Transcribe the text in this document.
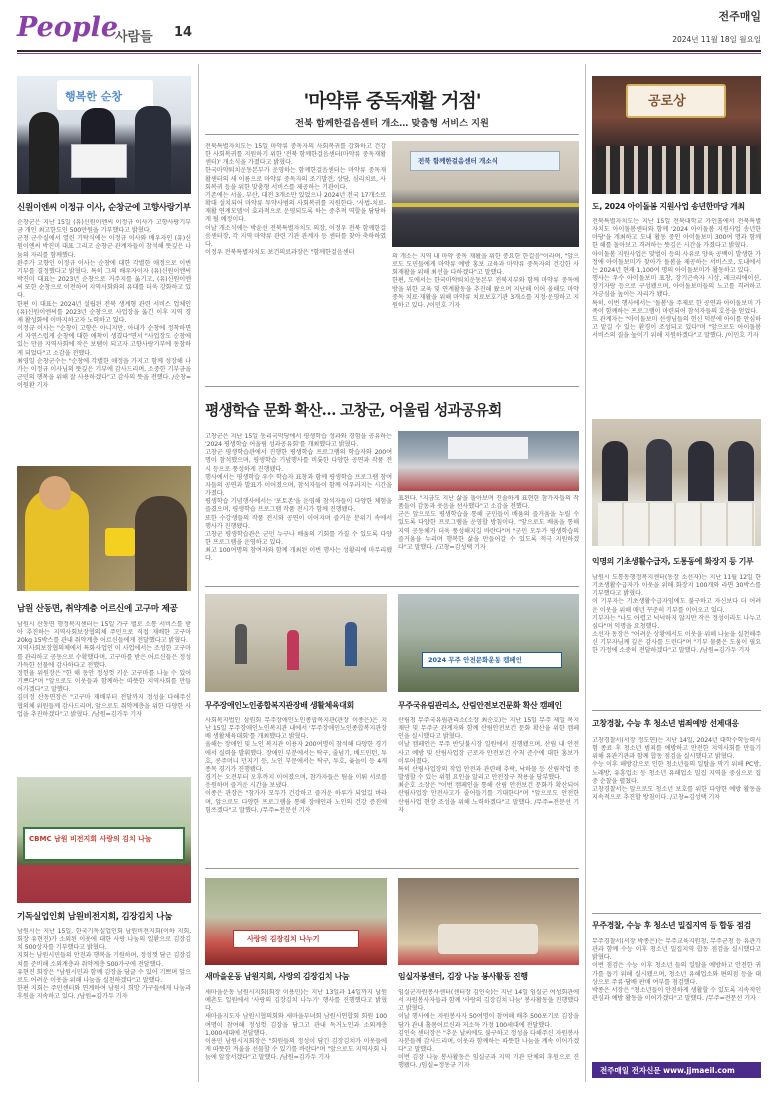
People
사람들 14
전주매일
2024년 11월 18일 월요일
행복한 순창
신원이엔씨 이정규 이사, 순창군에 고향사랑기부
순창군은 지난 15일 (유)신원이엔씨 이정규 이사가 고향사랑기부금 개인 최고한도인 500만원을 기부했다고 밝혔다.
군청 군수실에서 열린 기탁식에는 이정규 이사와 배우자인 (유)신원이엔씨 박진미 대표 그리고 순창군 관계자들이 참석해 뜻깊은 나눔의 자리를 함께했다.
완주가 고향인 이정규 이사는 순창에 대한 각별한 애정으로 이번 기부를 결정했다고 밝혔다. 특히 그의 배우자이자 (유)신원이엔씨 박진미 대표는 2023년 순창으로 거주지를 옮기고, (유)신원이엔씨 또한 순창으로 이전하여 지역사회와의 유대를 더욱 강화하고 있다.
한편 이 대표는 2024년 설립된 전북 생계형 관련 서비스 업체인 (유)신원이엔씨를 2023년 순창으로 사업장을 옮긴 이후 지역 경제 활성화에 이바지하고자 노력하고 있다.
이정규 이사는 "순창이 고향은 아니지만, 아내가 순창에 정착하면서 자연스럽게 순창에 대한 애착이 생겼다"면서 "사업장도 순창에 있는 만큼 지역사회에 작은 보탬이 되고자 고향사랑기부에 동참하게 되었다"고 소감을 전했다.
최영일 순창군수는 "순창에 각별한 애정을 가지고 함께 성장해 나가는 이정규 이사님의 뜻깊은 기부에 감사드리며, 소중한 기부금을 군민의 행복을 위해 잘 사용하겠다"고 감사의 뜻을 전했다. /순창=이원환 기자
남원 산동면, 취약계층 어르신에 고구마 제공
남원시 산동면 행정복지센터는 15일 가구 별로 소통 서비스를 받아 추진하는 지역사회보장협의체 주민으로 직접 재배한 고구마 20kg 15박스를 관내 취약계층 어르신들에게 전달했다고 밝혔다.
지역사회보장협의체에서 특화사업인 이 사업에서는 조성한 고구마를 관리하고 공동으로 수확했다며, 고구마를 받은 어르신들은 정성 가득한 선물에 감사하다고 전했다.
정헌율 위원장은 "한 해 동안 정성껏 키운 고구마를 나눌 수 있어 기쁘다"며 "앞으로도 이웃들과 함께하는 따뜻한 지역사회를 만들어가겠다"고 말했다.
김미정 산동면장은 "고구마 재배부터 전달까지 정성을 다해주신 협의체 위원들께 감사드리며, 앞으로도 취약계층을 위한 다양한 사업을 추진하겠다"고 밝혔다. /남원=김가두 기자
CBMC 남원 비전지회 사랑의 김치 나눔
기독실업인회 남원비전지회, 김장김치 나눔
남원시는 지난 15일, 한국기독실업인회 남원비전지회(이하 지회, 회장 유현진)가 소외된 이웃에 대한 사랑 나눔의 일환으로 김장김치 500상자를 기부했다고 밝혔다.
지회는 남원시민들의 안전과 행복을 기원하며, 정성껏 담근 김장김치를 준비해 소외계층과 취약계층 500가구에 전달했다.
유현진 회장은 "남원시민과 함께 김장을 담글 수 있어 기쁘며 앞으로도 어려운 이웃을 위해 나눔을 실천하겠다"고 말했다.
한편 지회는 주민센터와 연계하여 남원시 희망 가구들에게 나눔과 후원을 지속하고 있다. /남원=김가두 기자
'마약류 중독재활 거점'
전북 함께한걸음센터 개소… 맞춤형 서비스 지원
전북특별자치도는 15일 마약류 중독자의 사회복귀를 강화하고 건강한 사회복귀를 지원하기 위한 '전북 함께한걸음센터(마약류 중독재활센터)' 개소식을 가졌다고 밝혔다.
한국마약퇴치운동본부가 운영하는 함께한걸음센터는 마약류 중독재활센터의 새 이름으로 마약류 중독자의 조기발견, 상담, 심리치료, 사회복귀 등을 위한 맞춤형 서비스를 제공하는 기관이다.
기존에는 서울, 부산, 대전 3개소만 있었으나 2024년 전국 17개소로 확대 설치되어 마약류 투약사범의 사회복귀를 지원한다. '사법-치료-재활 연계모델'이 효과적으로 운영되도록 하는 중추적 역할을 담당하게 될 예정이다.
이날 개소식에는 박윤선 전북특별자치도 의장, 이정우 전북 함께한걸음센터장, 각 지역 마약류 관련 기관 관계자 등 센터를 찾아 축하하였다.
이정우 전북특별자치도 보건의료과장은 "함께한걸음센터
전북 함께한걸음센터 개소식
의 개소는 지역 내 마약 중독 재활을 위한 중요한 한걸음"이라며, "앞으로도 도민들에게 마약류 예방 홍보 교육과 마약류 중독자의 건강한 사회재활을 위해 최선을 다하겠다"고 말했다.
한편, 도에서는 한국마약퇴치운동본부 전북지부와 함께 마약류 중독예방을 위한 교육 및 연계활동을 추진해 왔으며 지난해 이어 올해도 마약 중독 치료·재활을 위해 마약류 치료보호기관 3개소를 지정·운영하고 지원하고 있다. /이민호 기자
평생학습 문화 확산… 고창군, 어울림 성과공유회
고창군은 지난 15일 동리국악당에서 평생학습 성과와 경험을 공유하는 '2024 평생학습 어울림 성과공유회'를 개최했다고 밝혔다.
고창군 평생학습관에서 진행한 평생학습 프로그램의 학습자와 200여명이 참석했으며, 평생학습 기념행사를 비롯한 다양한 공연과 작품 전시 등으로 풍성하게 진행됐다.
행사에서는 평생학습 우수 학습자 표창과 함께 평생학습 프로그램 참여자들의 공연과 발표가 이어졌으며, 참석자들이 함께 어우러지는 시간을 가졌다.
평생학습 기념행사에서는 '포토존'을 운영해 참석자들이 다양한 체험을 즐겼으며, 평생학습 프로그램 작품 전시가 함께 진행됐다.
또한 수강생들의 작품 전시와 공연이 이어지며 즐거운 분위기 속에서 행사가 진행됐다.
고창군 평생학습관은 군민 누구나 배움의 기회를 가질 수 있도록 다양한 프로그램을 운영하고 있다.
최고 100여명의 참여자와 함께 개최된 이번 행사는 성황리에 마무리됐다.
표된다. "지금도 지난 삶을 돌아보며 진솔하게 표현한 참가자들의 작품들이 감동과 웃음을 선사했다"고 소감을 전했다.
군은 앞으로도 평생학습을 통해 군민들이 배움의 즐거움을 누릴 수 있도록 다양한 프로그램을 운영할 방침이다. "앞으로도 배움을 통해 지역 공동체가 더욱 풍성해지길 바란다"며 "군민 모두가 평생학습의 즐거움을 누리며 행복한 삶을 만들어갈 수 있도록 적극 지원하겠다"고 말했다. /고창=김성택 기자
무주장애인노인종합복지관장배 생활체육대회
사회복지법인 삼원회 무주장애인노인종합복지관(관장 이종은)은 지난 15일 무주장애인노인복지관 내에서 '무주장애인노인종합복지관장배 생활체육대회'를 개최했다고 밝혔다.
올해는 장애인 및 노인 복지관 이용자 200여명이 참석해 다양한 경기에서 실력을 발휘했다. 장애인 부분에서는 탁구, 줄넘기, 배드민턴, 투호, 콩주머니 던지기 등, 노인 부문에서는 탁구, 투호, 윷놀이 등 4개 종목 경기가 진행됐다.
경기는 오전부터 오후까지 이어졌으며, 참가자들은 팀을 이뤄 서로를 응원하며 즐거운 시간을 보냈다.
이종은 관장은 "참가자 모두가 건강하고 즐거운 하루가 되었길 바라며, 앞으로도 다양한 프로그램을 통해 장애인과 노인의 건강 증진에 힘쓰겠다"고 말했다. /무주=전문선 기자
2024 무주 안전문화운동 캠페인
무주국유림관리소, 산림안전보건문화 확산 캠페인
산림청 무주국유림관리소(소장 최순호)는 지난 15일 무주 제일 복지재단 및 무주군 관계자와 함께 산림안전보건 문화 확산을 위한 캠페인을 실시했다고 밝혔다.
이날 캠페인은 무주 반딧불시장 일원에서 진행됐으며, 산림 내 안전사고 예방 및 산림사업장 근로자 안전보건 수칙 준수에 대한 홍보가 이루어졌다.
특히 산림사업장의 작업 안전과 관련해 추락, 낙하물 등 산림작업 중 발생할 수 있는 위험 요인을 알리고 안전장구 착용을 당부했다.
최순호 소장은 "이번 캠페인을 통해 산림 안전보건 문화가 확산되어 산림사업장 안전사고가 줄어들기를 기대한다"며 "앞으로도 안전한 산림사업 현장 조성을 위해 노력하겠다"고 말했다. /무주=전문선 기자
사랑의 김장김치 나누기
새마을운동 남원지회, 사랑의 김장김치 나눔
새마을운동 남원시지회(회장 이용민)는 지난 13일과 14일까지 남원 예촌도 일원에서 '사랑의 김장김치 나누기' 행사를 진행했다고 밝혔다.
새마을지도자 남원시협의회와 새마을부녀회 남원시연합회 회원 100여명이 참여해 정성껏 김장을 담그고 관내 독거노인과 소외계층 1,000세대에 전달했다.
이용민 남원시지회장은 "회원들의 정성이 담긴 김장김치가 이웃들에게 따뜻한 겨울을 선물할 수 있기를 바란다"며 "앞으로도 지역사회 나눔에 앞장서겠다"고 말했다. /남원=김가두 기자
임실자봉센터, 김장 나눔 봉사활동 진행
임실군자원봉사센터(센터장 김인숙)는 지난 14일 임실군 여성회관에서 자원봉사자들과 함께 '사랑의 김장김치 나눔' 봉사활동을 진행했다고 밝혔다.
이날 행사에는 자원봉사자 50여명이 참여해 배추 500포기로 김장을 담가 관내 홀몸어르신과 저소득 가정 100세대에 전달했다.
김인숙 센터장은 "추운 날씨에도 불구하고 정성을 다해주신 자원봉사자분들께 감사드리며, 이웃과 함께하는 따뜻한 나눔을 계속 이어가겠다"고 말했다.
이번 김장 나눔 봉사활동은 임실군과 지역 기관 단체의 후원으로 진행됐다. /임실=정동규 기자
공로상
도, 2024 아이돌봄 지원사업 송년한마당 개최
전북특별자치도는 지난 15일 전북대학교 가인홀에서 전북특별자치도 아이돌봄센터와 함께 '2024 아이돌봄 지원사업 송년한마당'을 개최하고 도내 활동 중인 아이돌보미 300여 명과 함께 한 해를 돌아보고 격려하는 뜻깊은 시간을 가졌다고 밝혔다.
아이돌봄 지원사업은 맞벌이 등의 사유로 양육 공백이 발생한 가정에 아이돌보미가 찾아가 돌봄을 제공하는 서비스로, 도내에서는 2024년 현재 1,100여 명의 아이돌보미가 활동하고 있다.
행사는 우수 아이돌보미 표창, 장기근속자 시상, 레크리에이션, 장기자랑 등으로 구성됐으며, 아이돌보미들의 노고를 격려하고 자긍심을 높이는 자리가 됐다.
특히, 이번 행사에서는 '돌봄'을 주제로 한 공연과 아이돌보미 가족이 함께하는 프로그램이 마련되어 참석자들의 호응을 얻었다.
도 관계자는 "아이돌보미 선생님들의 헌신 덕분에 아이를 안심하고 맡길 수 있는 환경이 조성되고 있다"며 "앞으로도 아이돌봄 서비스의 질을 높이기 위해 지원하겠다"고 말했다. /이민호 기자
익명의 기초생활수급자, 도통동에 화장지 등 기부
남원시 도통동행정복지센터(동장 소선자)는 지난 11월 12일 한 기초생활수급자가 이웃을 위해 화장지 100개와 라면 30박스를 기부했다고 밝혔다.
이 기부자는 기초생활수급자임에도 불구하고 자신보다 더 어려운 이웃을 위해 매년 꾸준히 기부를 이어오고 있다.
기부자는 "나도 어렵고 넉넉하지 않지만 작은 정성이라도 나누고 싶다"며 익명을 요청했다.
소선자 동장은 "어려운 상황에서도 이웃을 위해 나눔을 실천해주신 기부자님께 깊은 감사를 드린다"며 "기부 물품은 도움이 필요한 가정에 소중히 전달하겠다"고 말했다. /남원=김가두 기자
고창경찰, 수능 후 청소년 범죄예방 선제대응
고창경찰서(서장 정도연)는 지난 14일, 2024년 대학수학능력시험 종료 후 청소년 범죄를 예방하고 안전한 지역사회를 만들기 위해 유관기관과 함께 합동 점검을 실시했다고 밝혔다.
수능 이후 해방감으로 인한 청소년들의 일탈을 막기 위해 PC방, 노래방, 유흥업소 등 청소년 유해업소 밀집 지역을 중심으로 집중 순찰을 펼쳤다.
고창경찰서는 앞으로도 청소년 보호를 위한 다양한 예방 활동을 지속적으로 추진할 방침이다. /고창=김성택 기자
무주경찰, 수능 후 청소년 밀집지역 등 합동 점검
무주경찰서(서장 박종은)는 무주교육지원청, 무주군청 등 유관기관과 함께 수능 이후 청소년 밀집지역 합동 점검을 실시했다고 밝혔다.
이번 점검은 수능 이후 청소년 들의 일탈을 예방하고 안전한 귀가를 돕기 위해 실시됐으며, 청소년 유해업소와 편의점 등을 대상으로 주류·담배 판매 여부를 점검했다.
박종은 서장은 "청소년들이 안전하게 생활할 수 있도록 지속적인 관심과 예방 활동을 이어가겠다"고 말했다. /무주=전문선 기자
전주매일 전자신문 www.jjmaeil.com
